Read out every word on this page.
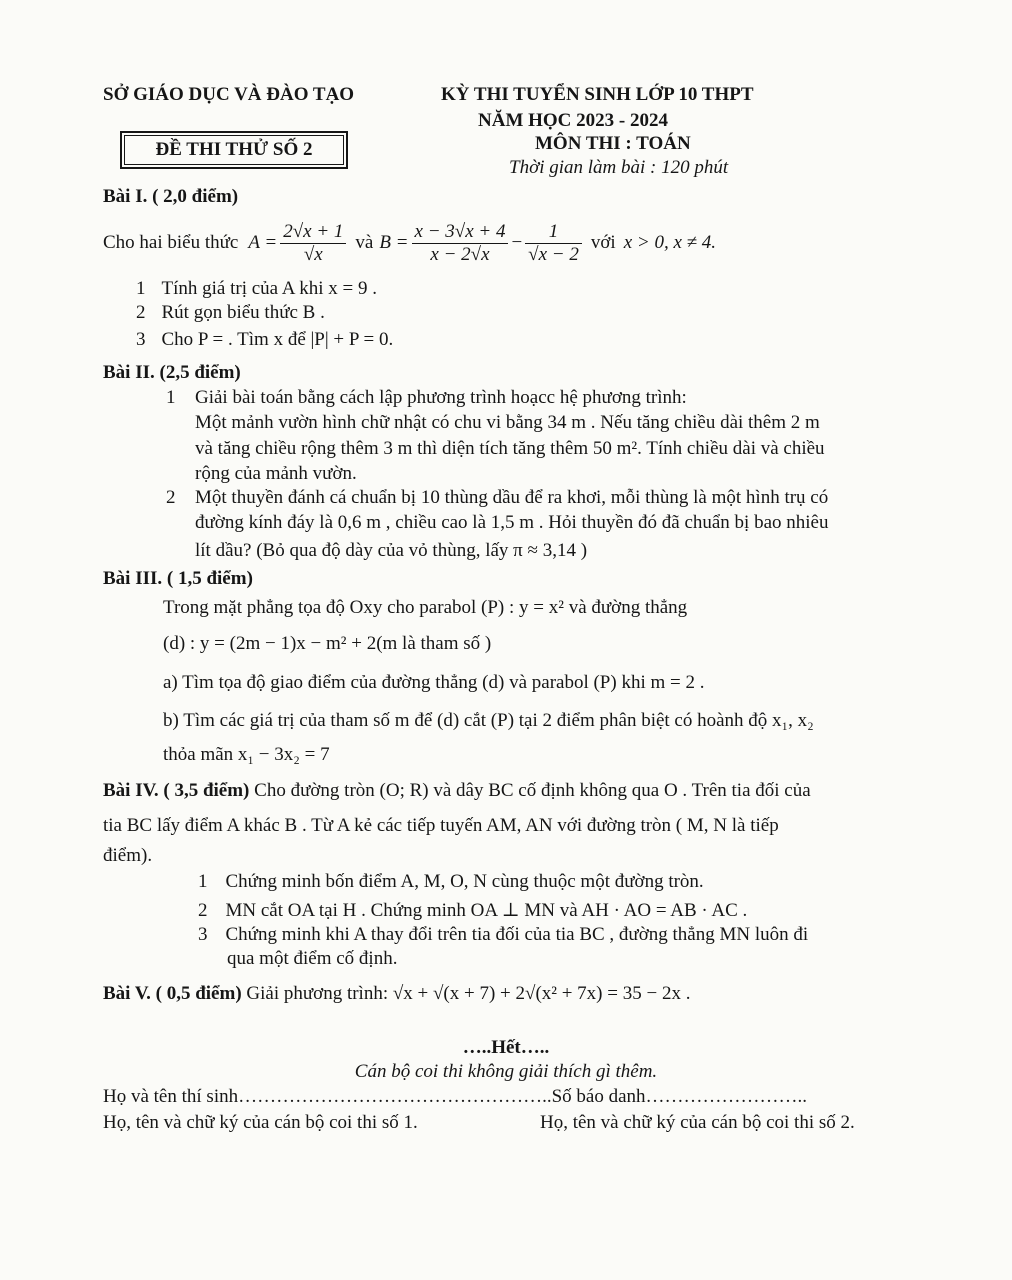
SỞ GIÁO DỤC VÀ ĐÀO TẠO	KỲ THI TUYỂN SINH LỚP 10 THPT
NĂM HỌC 2023 - 2024
ĐỀ THI THỬ SỐ 2	MÔN THI : TOÁN
Thời gian làm bài : 120 phút
Bài I. ( 2,0 điểm)
Cho hai biểu thức $A = \frac{2√x + 1}{√x}$ và $B = \frac{x - 3√x + 4}{x - 2√x} - \frac{1}{√x - 2}$ với x > 0, x ≠ 4.
1 Tính giá trị của A khi x = 9 .
2 Rút gọn biểu thức B .
3 Cho P = . Tìm x để |P| + P = 0.
Bài II. (2,5 điểm)
1 Giải bài toán bằng cách lập phương trình hoạcc hệ phương trình:
Một mảnh vườn hình chữ nhật có chu vi bằng 34 m . Nếu tăng chiều dài thêm 2 m
và tăng chiều rộng thêm 3 m thì diện tích tăng thêm 50 m². Tính chiều dài và chiều
rộng của mảnh vườn.
2 Một thuyền đánh cá chuẩn bị 10 thùng dầu để ra khơi, mỗi thùng là một hình trụ có
đường kính đáy là 0,6 m , chiều cao là 1,5 m . Hỏi thuyền đó đã chuẩn bị bao nhiêu
lít dầu? (Bỏ qua độ dày của vỏ thùng, lấy π ≈ 3,14 )
Bài III. ( 1,5 điểm)
Trong mặt phẳng tọa độ Oxy cho parabol (P) : y = x² và đường thẳng
(d) : y = (2m − 1)x − m² + 2(m là tham số )
a) Tìm tọa độ giao điểm của đường thẳng (d) và parabol (P) khi m = 2 .
b) Tìm các giá trị của tham số m để (d) cắt (P) tại 2 điểm phân biệt có hoành độ x₁, x₂
thỏa mãn x₁ − 3x₂ = 7
Bài IV. ( 3,5 điểm) Cho đường tròn (O; R) và dây BC cố định không qua O . Trên tia đối của
tia BC lấy điểm A khác B . Từ A kẻ các tiếp tuyến AM, AN với đường tròn ( M, N là tiếp
điểm).
1 Chứng minh bốn điểm A, M, O, N cùng thuộc một đường tròn.
2 MN cắt OA tại H . Chứng minh OA ⊥ MN và AH · AO = AB · AC .
3 Chứng minh khi A thay đổi trên tia đối của tia BC , đường thẳng MN luôn đi
qua một điểm cố định.
Bài V. ( 0,5 điểm) Giải phương trình: √x + √(x + 7) + 2√(x² + 7x) = 35 − 2x .
…..Hết…..
Cán bộ coi thi không giải thích gì thêm.
Họ và tên thí sinh…………………………………………..Số báo danh……………………..
Họ, tên và chữ ký của cán bộ coi thi số 1.	Họ, tên và chữ ký của cán bộ coi thi số 2.
